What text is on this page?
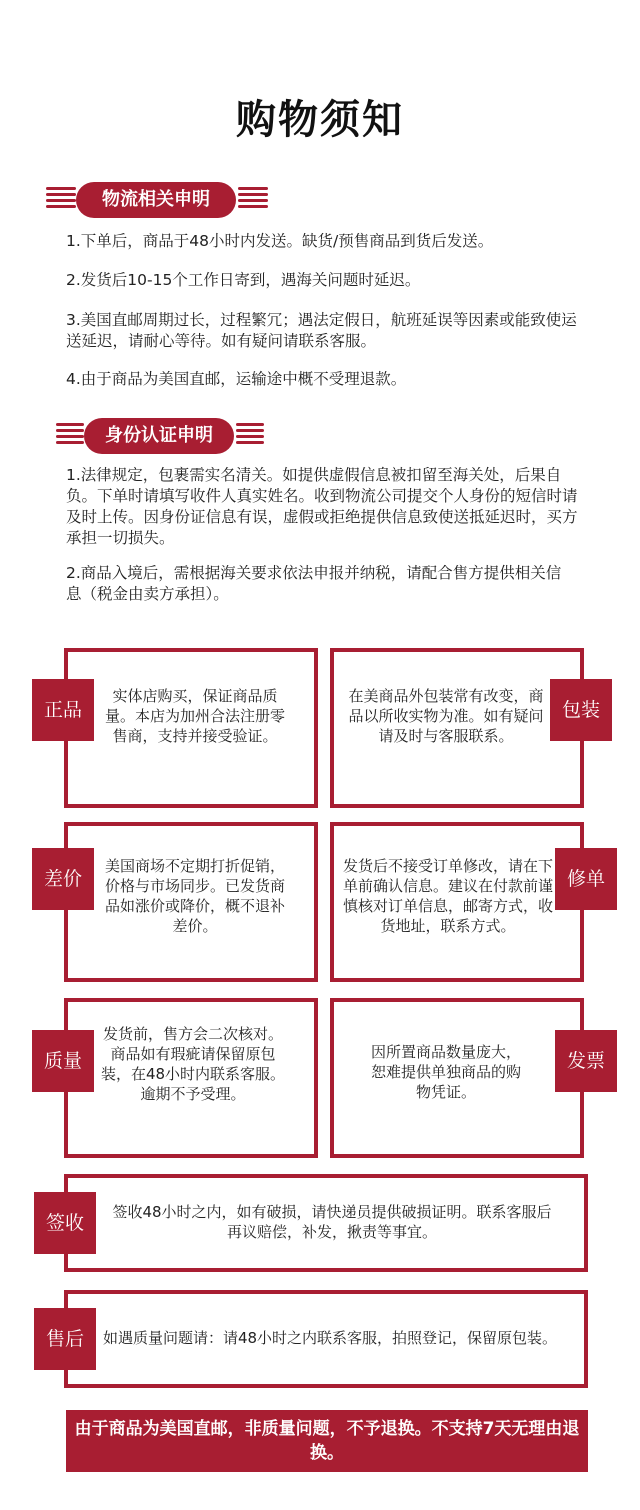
购物须知
物流相关申明

1.下单后，商品于48小时内发送。缺货/预售商品到货后发送。

2.发货后10-15个工作日寄到，遇海关问题时延迟。

3.美国直邮周期过长，过程繁冗；遇法定假日，航班延误等因素或能致使运送延迟，请耐心等待。如有疑问请联系客服。

4.由于商品为美国直邮，运输途中概不受理退款。

身份认证申明

1.法律规定，包裹需实名清关。如提供虚假信息被扣留至海关处，后果自负。下单时请填写收件人真实姓名。收到物流公司提交个人身份的短信时请及时上传。因身份证信息有误，虚假或拒绝提供信息致使送抵延迟时，买方承担一切损失。

2.商品入境后，需根据海关要求依法申报并纳税，请配合售方提供相关信息（税金由卖方承担）。

正品
实体店购买，保证商品质量。本店为加州合法注册零售商，支持并接受验证。
包装
在美商品外包装常有改变，商品以所收实物为准。如有疑问请及时与客服联系。
差价
美国商场不定期打折促销，价格与市场同步。已发货商品如涨价或降价，概不退补差价。
修单
发货后不接受订单修改，请在下单前确认信息。建议在付款前谨慎核对订单信息，邮寄方式，收货地址，联系方式。
质量
发货前，售方会二次核对。商品如有瑕疵请保留原包装，在48小时内联系客服。逾期不予受理。
发票
因所置商品数量庞大，恕难提供单独商品的购物凭证。
签收	签收48小时之内，如有破损，请快递员提供破损证明。联系客服后再议赔偿，补发，揪责等事宜。
售后	如遇质量问题请：请48小时之内联系客服，拍照登记，保留原包装。
由于商品为美国直邮，非质量问题，不予退换。不支持7天无理由退换。
